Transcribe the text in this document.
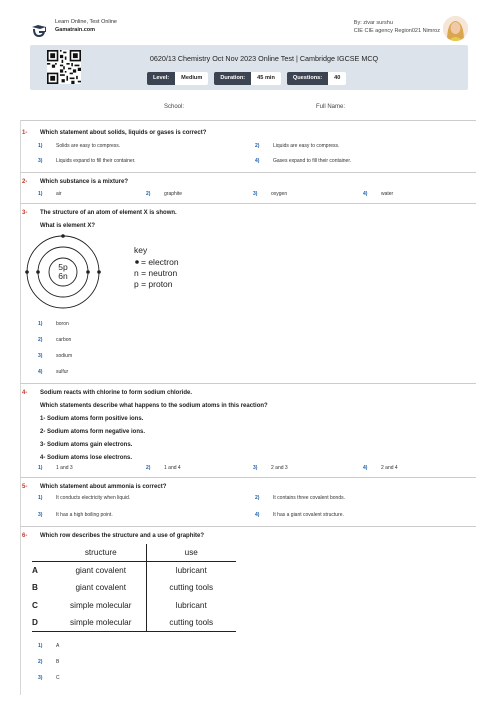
Learn Online, Test Online
Gamatrain.com
By: zivar surshu
CIE CIE agency Region021 Nimroz
0620/13 Chemistry Oct Nov 2023 Online Test | Cambridge IGCSE MCQ
Level:	Medium	Duration:	45 min	Questions:	40
School:	Full Name:
1- Which statement about solids, liquids or gases is correct?
1)	Solids are easy to compress.	2)	Liquids are easy to compress.
3)	Liquids expand to fill their container.	4)	Gases expand to fill their container.
2- Which substance is a mixture?
1)	air	2)	graphite	3)	oxygen	4)	water
3- The structure of an atom of element X is shown.
What is element X?
5p
6n
key
= electron
n = neutron
p = proton
1)	boron
2)	carbon
3)	sodium
4)	sulfur
4- Sodium reacts with chlorine to form sodium chloride.
Which statements describe what happens to the sodium atoms in this reaction?
1- Sodium atoms form positive ions.
2- Sodium atoms form negative ions.
3- Sodium atoms gain electrons.
4- Sodium atoms lose electrons.
1)	1 and 3	2)	1 and 4	3)	2 and 3	4)	2 and 4
5- Which statement about ammonia is correct?
1)	It conducts electricity when liquid.	2)	It contains three covalent bonds.
3)	It has a high boiling point.	4)	It has a giant covalent structure.
6- Which row describes the structure and a use of graphite?
	structure	use
A	giant covalent	lubricant
B	giant covalent	cutting tools
C	simple molecular	lubricant
D	simple molecular	cutting tools
1)	A
2)	B
3)	C
